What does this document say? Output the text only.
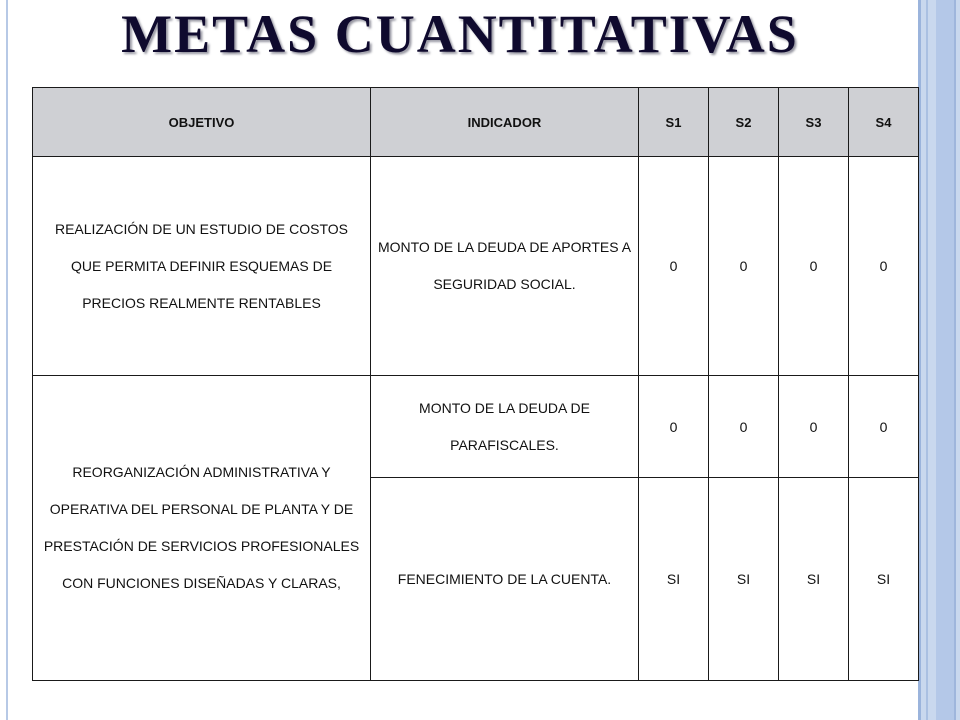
METAS CUANTITATIVAS
OBJETIVO	INDICADOR	S1	S2	S3	S4
REALIZACIÓN DE UN ESTUDIO DE COSTOS QUE PERMITA DEFINIR ESQUEMAS DE PRECIOS REALMENTE RENTABLES	MONTO DE LA DEUDA DE APORTES A SEGURIDAD SOCIAL.	0	0	0	0
REORGANIZACIÓN ADMINISTRATIVA Y OPERATIVA DEL PERSONAL DE PLANTA Y DE PRESTACIÓN DE SERVICIOS PROFESIONALES CON FUNCIONES DISEÑADAS Y CLARAS,	MONTO DE LA DEUDA DE PARAFISCALES.	0	0	0	0
	FENECIMIENTO DE LA CUENTA.	SI	SI	SI	SI
